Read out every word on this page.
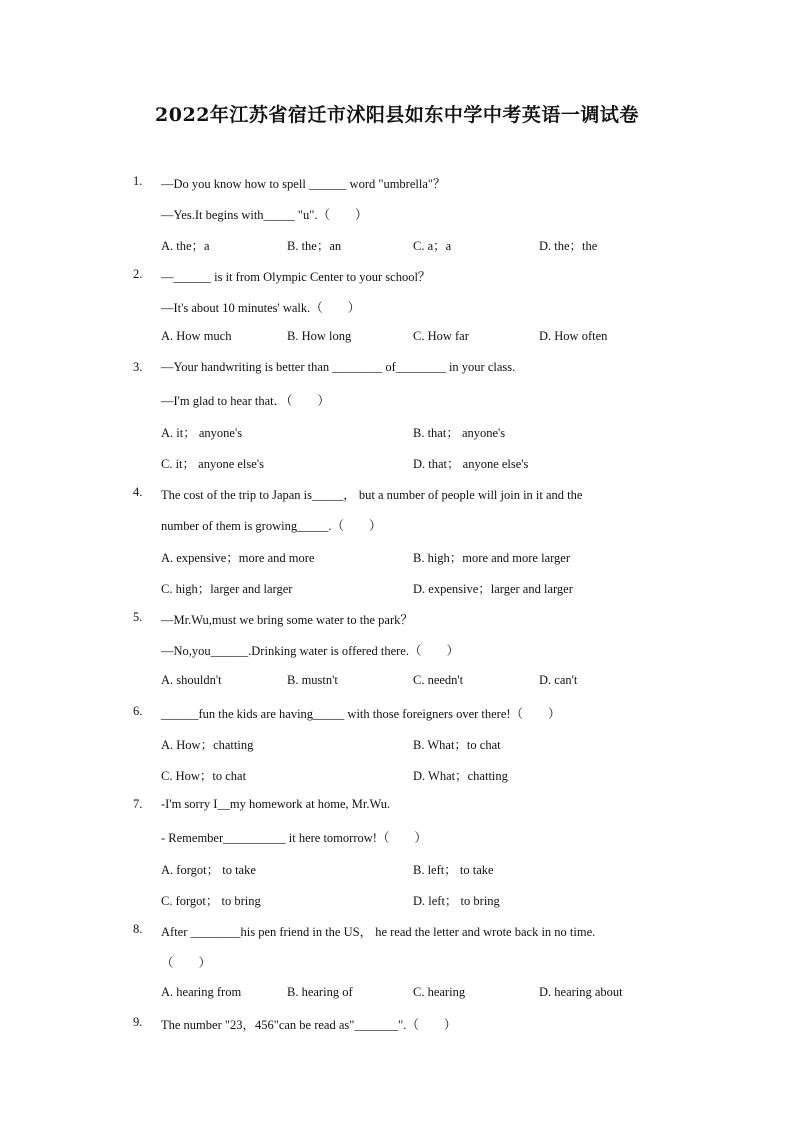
2022年江苏省宿迁市沭阳县如东中学中考英语一调试卷
1. —Do you know how to spell ______ word "umbrella"？
—Yes.It begins with_____ "u".（　　）
A. the；a	B. the；an	C. a；a	D. the；the
2. —______ is it from Olympic Center to your school？
—It's about 10 minutes' walk.（　　）
A. How much	B. How long	C. How far	D. How often
3. —Your handwriting is better than ________ of________ in your class.
—I'm glad to hear that．（　　）
A. it； anyone's	B. that； anyone's
C. it； anyone else's	D. that； anyone else's
4. The cost of the trip to Japan is_____， but a number of people will join in it and the
number of them is growing_____.（　　）
A. expensive；more and more	B. high；more and more larger
C. high；larger and larger	D. expensive；larger and larger
5. —Mr.Wu,must we bring some water to the park？
—No,you______.Drinking water is offered there.（　　）
A. shouldn't	B. mustn't	C. needn't	D. can't
6. ______fun the kids are having_____ with those foreigners over there!（　　）
A. How；chatting	B. What；to chat
C. How；to chat	D. What；chatting
7. -I'm sorry I__my homework at home, Mr.Wu.
- Remember__________ it here tomorrow!（　　）
A. forgot； to take	B. left； to take
C. forgot； to bring	D. left； to bring
8. After ________his pen friend in the US， he read the letter and wrote back in no time.
（　　）
A. hearing from	B. hearing of	C. hearing	D. hearing about
9. The number "23，456"can be read as"_______".（　　）
